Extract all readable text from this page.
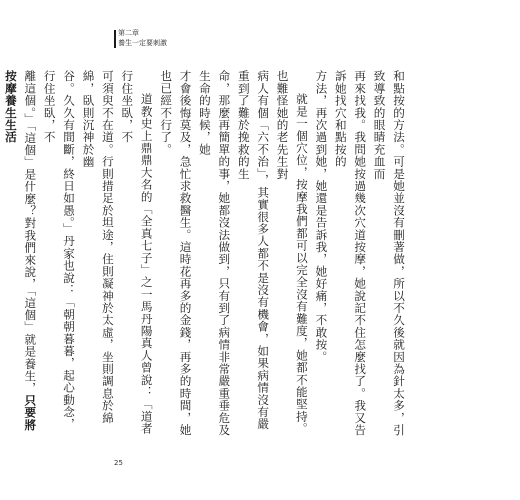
第二章
養生一定要刺激

和點按的方法。可是她並沒有刪著做，所以不久後就因為針太多，引致導致的眼睛充血而

再來找我。我問她按過幾次穴道按摩，她說記不住怎麼找了。我又告訴她找穴和點按的

方法，再次過到她，她還是告訴我，她好痛，不敢按。

就是一個穴位，按摩我們都可以完全沒有難度，她都不能堅持。也難怪她的老先生對

病人有個「六不治」，其實很多人都不是沒有機會，如果病情沒有嚴重到了難於挽救的生

命，那麼再簡單的事，她都沒法做到，只有到了病情非常嚴重垂危及生命的時候，她

才會後悔莫及，急忙求救醫生。這時花再多的金錢，再多的時間，她也已經不行了。

道教史上鼎鼎大名的「全真七子」之一馬丹陽真人曾說：「道者行住坐臥，不

可須臾不在道。行則措足於坦途，住則凝神於太虛，坐則調息於綿綿，臥則沉神於幽

谷。久久有間斷，終日如愚。」丹家也說：「朝朝暮暮，起心動念，行住坐臥，不

離這個。」「這個」是什麼？對我們來說，「這個」就是養生，只要將按摩養生生活

25
